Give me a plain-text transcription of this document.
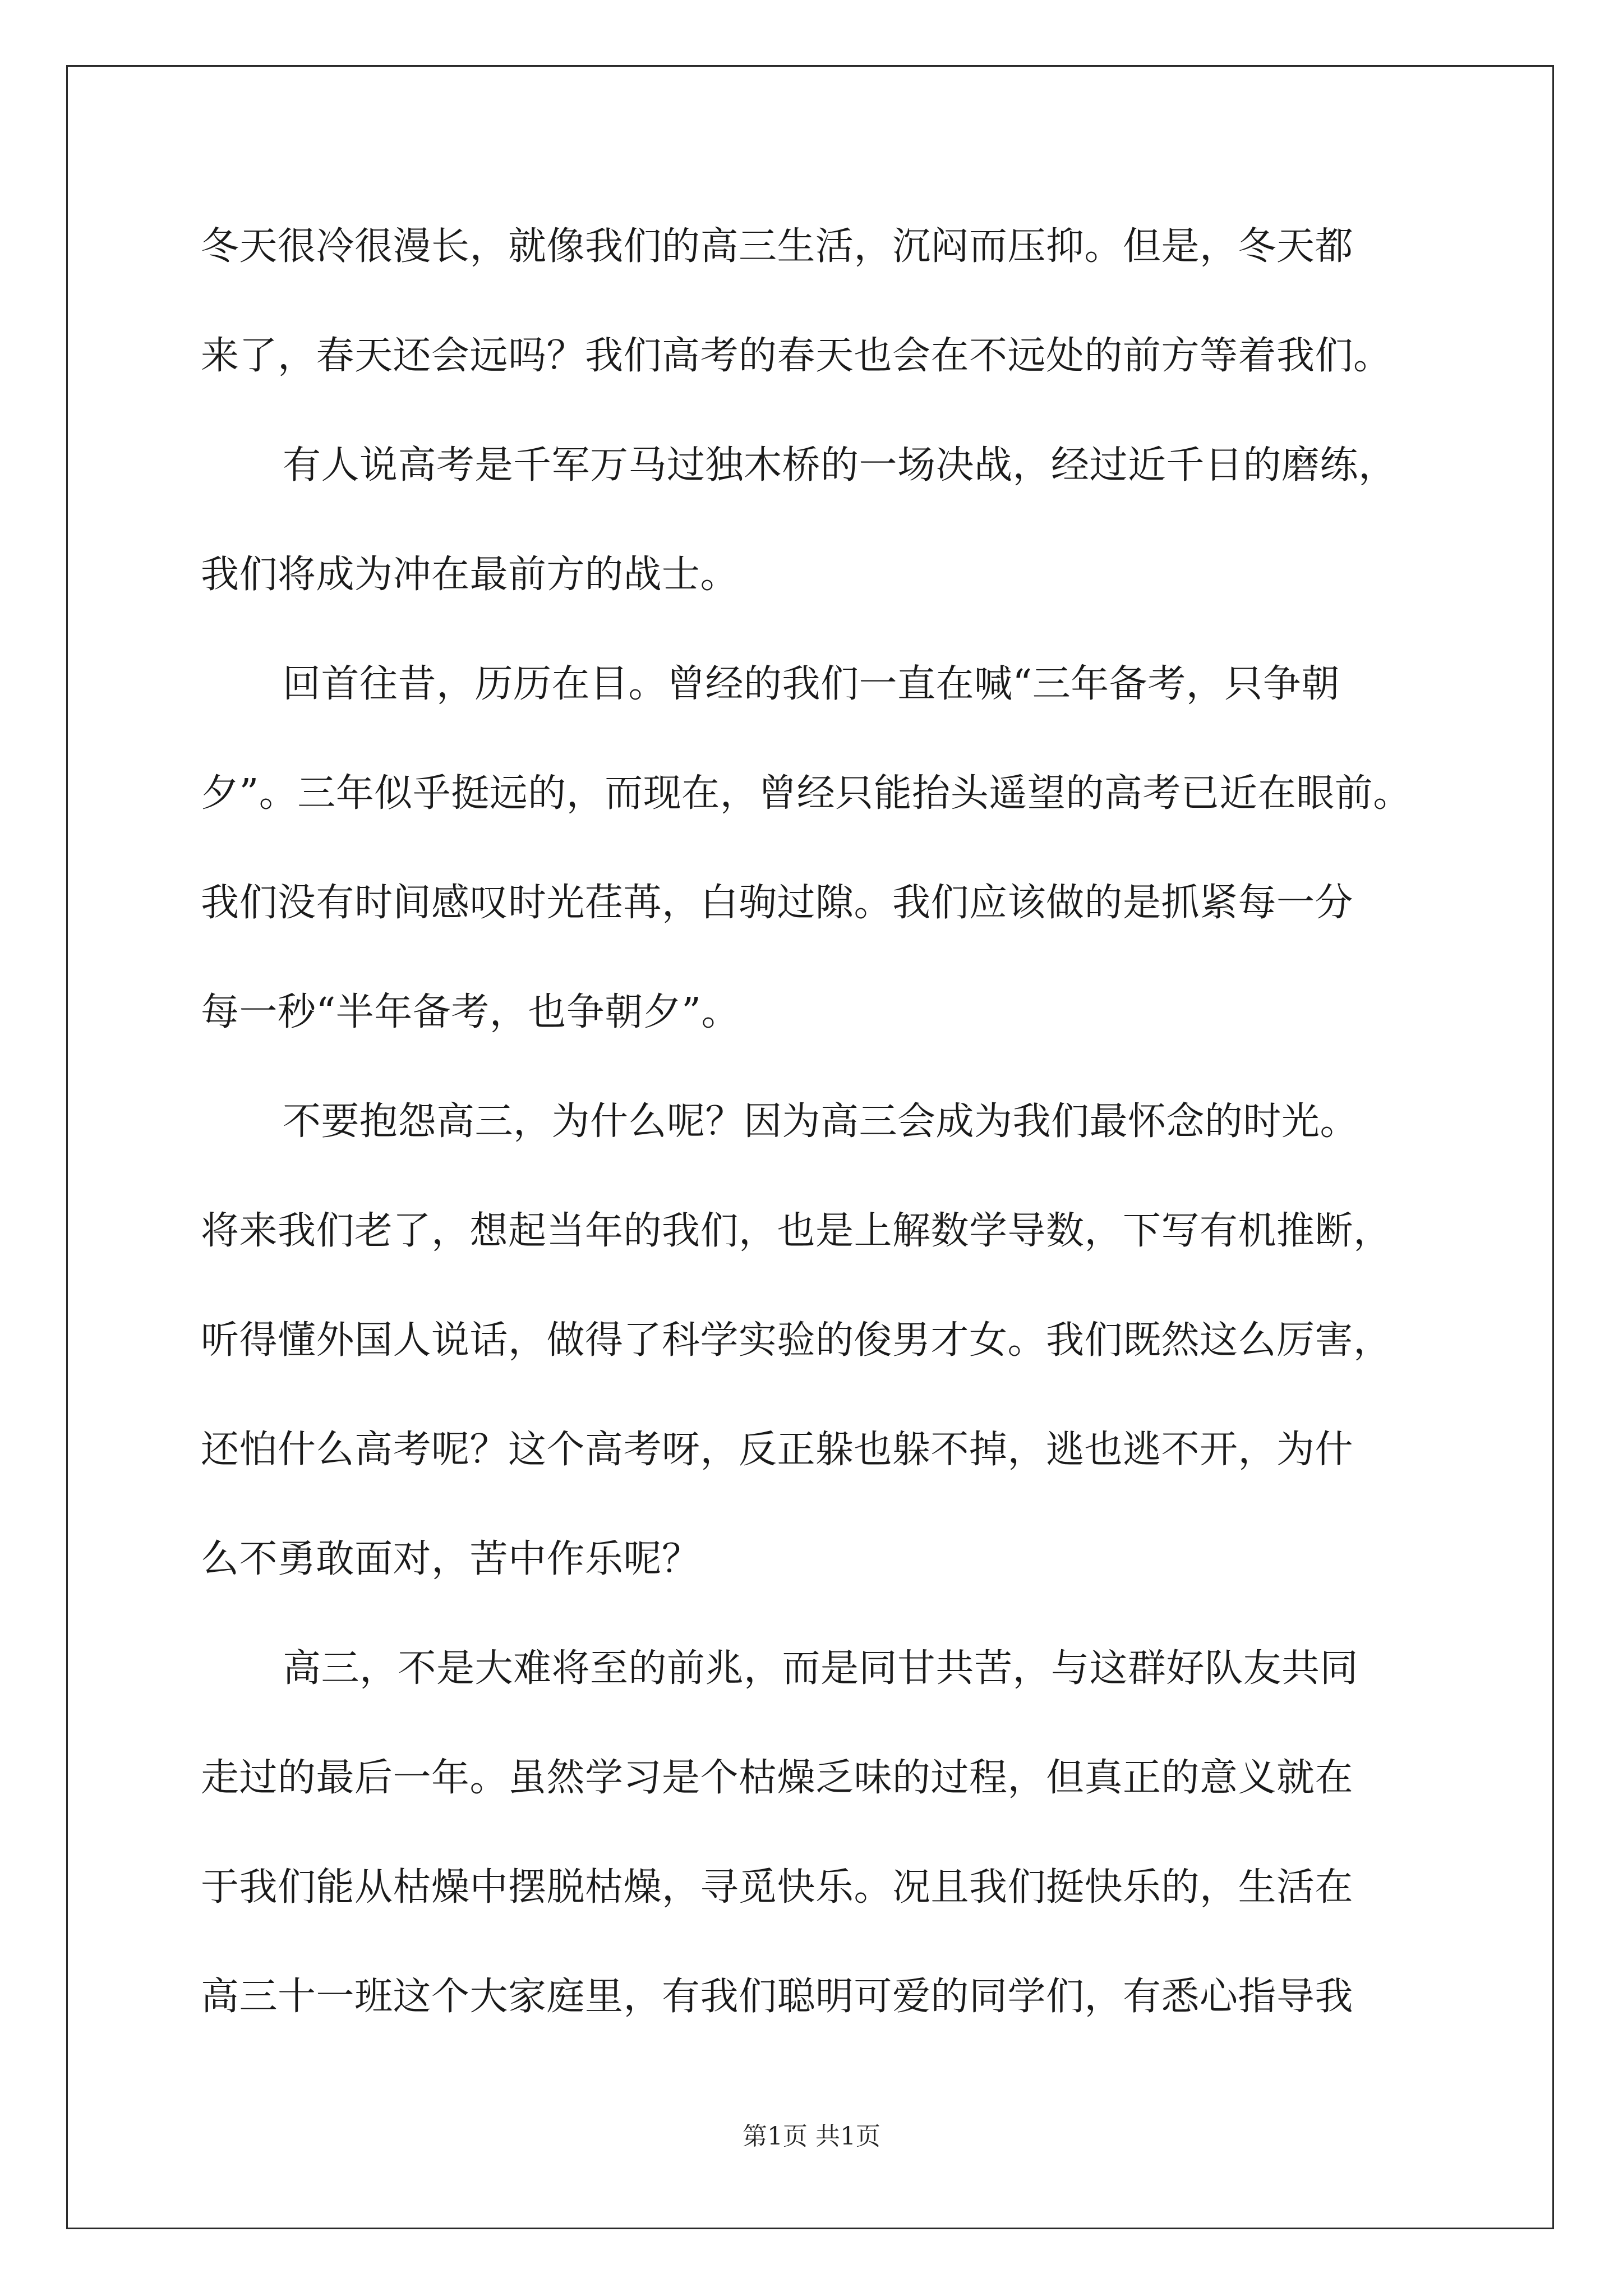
冬天很冷很漫长，就像我们的高三生活，沉闷而压抑。但是，冬天都
来了，春天还会远吗？我们高考的春天也会在不远处的前方等着我们。
有人说高考是千军万马过独木桥的一场决战，经过近千日的磨练，
我们将成为冲在最前方的战士。
回首往昔，历历在目。曾经的我们一直在喊“三年备考，只争朝
夕”。三年似乎挺远的，而现在，曾经只能抬头遥望的高考已近在眼前。
我们没有时间感叹时光荏苒，白驹过隙。我们应该做的是抓紧每一分
每一秒“半年备考，也争朝夕”。
不要抱怨高三，为什么呢？因为高三会成为我们最怀念的时光。
将来我们老了，想起当年的我们，也是上解数学导数，下写有机推断，
听得懂外国人说话，做得了科学实验的俊男才女。我们既然这么厉害，
还怕什么高考呢？这个高考呀，反正躲也躲不掉，逃也逃不开，为什
么不勇敢面对，苦中作乐呢？
高三，不是大难将至的前兆，而是同甘共苦，与这群好队友共同
走过的最后一年。虽然学习是个枯燥乏味的过程，但真正的意义就在
于我们能从枯燥中摆脱枯燥，寻觅快乐。况且我们挺快乐的，生活在
高三十一班这个大家庭里，有我们聪明可爱的同学们，有悉心指导我
第1页 共1页
